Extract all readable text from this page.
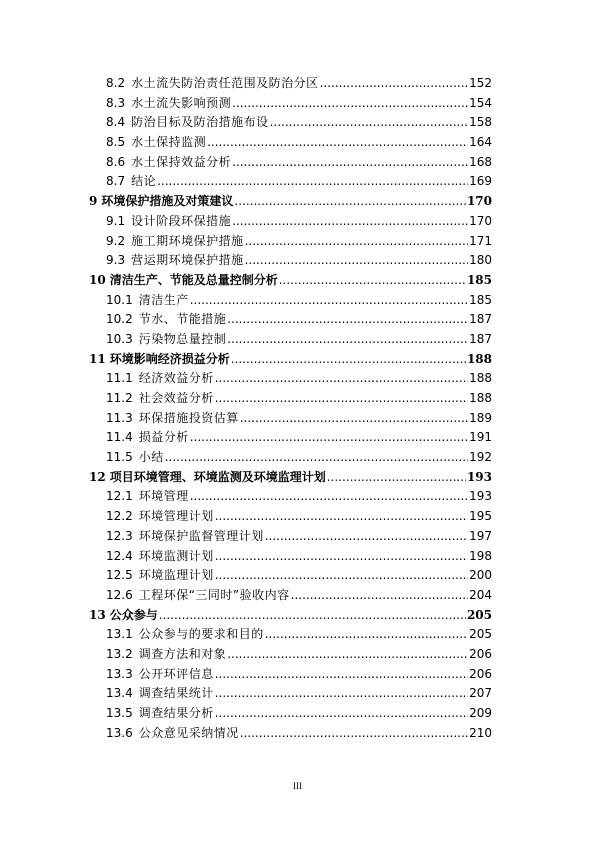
8.2 水土流失防治责任范围及防治分区 .....	152
8.3 水土流失影响预测 .....	154
8.4 防治目标及防治措施布设 .....	158
8.5 水土保持监测 .....	164
8.6 水土保持效益分析 .....	168
8.7 结论 .....	169
9 环境保护措施及对策建议 .....	170
9.1 设计阶段环保措施 .....	170
9.2 施工期环境保护措施 .....	171
9.3 营运期环境保护措施 .....	180
10 清洁生产、节能及总量控制分析 .....	185
10.1 清洁生产 .....	185
10.2 节水、节能措施 .....	187
10.3 污染物总量控制 .....	187
11 环境影响经济损益分析 .....	188
11.1 经济效益分析 .....	188
11.2 社会效益分析 .....	188
11.3 环保措施投资估算 .....	189
11.4 损益分析 .....	191
11.5 小结 .....	192
12 项目环境管理、环境监测及环境监理计划 .....	193
12.1 环境管理 .....	193
12.2 环境管理计划 .....	195
12.3 环境保护监督管理计划 .....	197
12.4 环境监测计划 .....	198
12.5 环境监理计划 .....	200
12.6 工程环保“三同时”验收内容 .....	204
13 公众参与 .....	205
13.1 公众参与的要求和目的 .....	205
13.2 调查方法和对象 .....	206
13.3 公开环评信息 .....	206
13.4 调查结果统计 .....	207
13.5 调查结果分析 .....	209
13.6 公众意见采纳情况 .....	210
III
